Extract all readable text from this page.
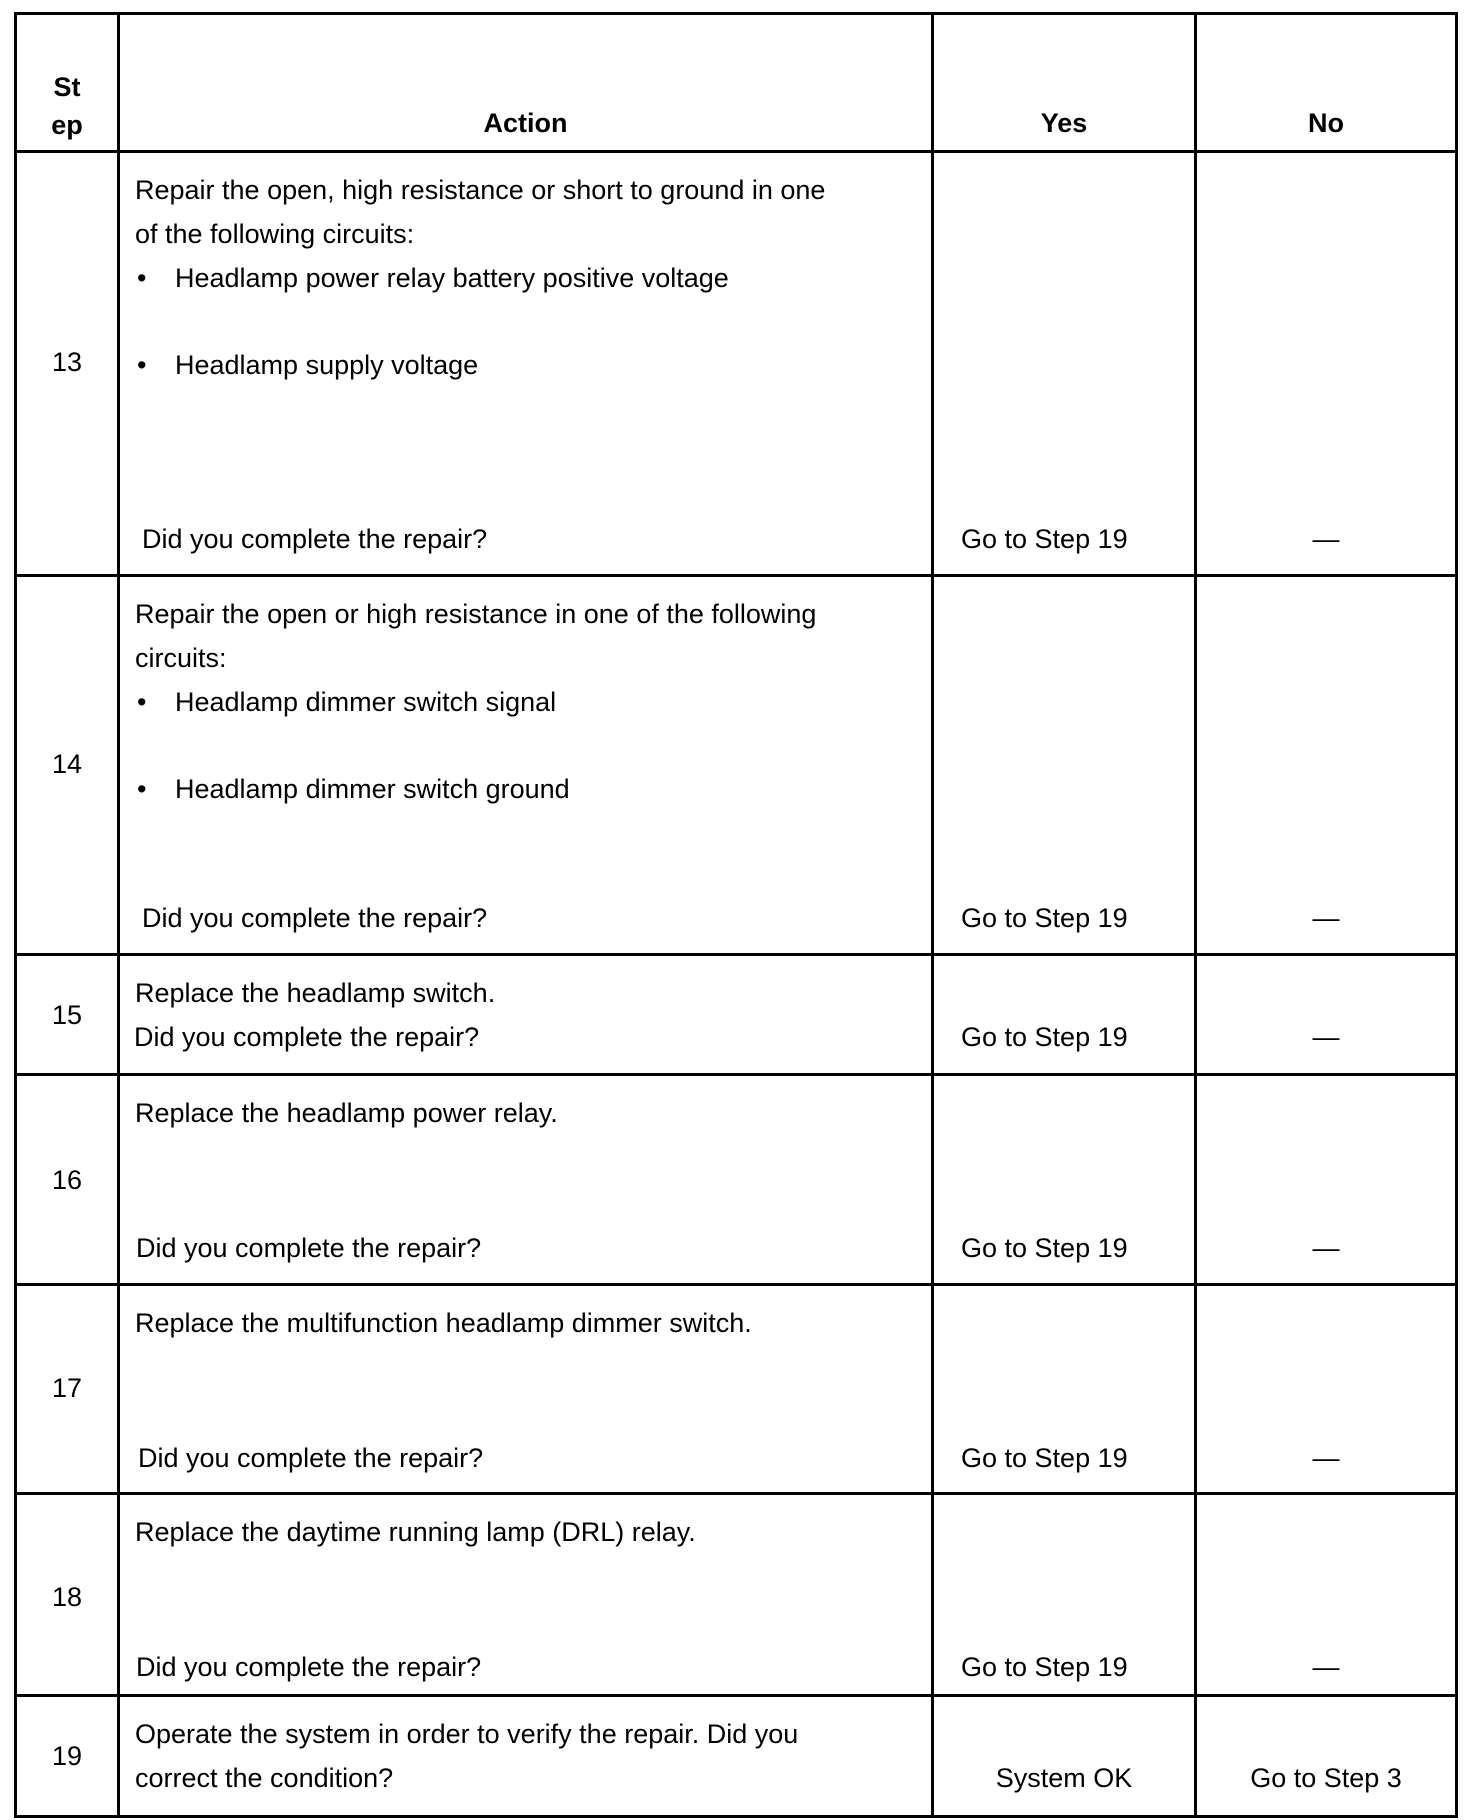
St
ep	Action	Yes	No
13
Repair the open, high resistance or short to ground in one
of the following circuits:
• Headlamp power relay battery positive voltage
• Headlamp supply voltage
Did you complete the repair?	Go to Step 19	—
14
Repair the open or high resistance in one of the following
circuits:
• Headlamp dimmer switch signal
• Headlamp dimmer switch ground
Did you complete the repair?	Go to Step 19	—
15
Replace the headlamp switch.
Did you complete the repair?	Go to Step 19	—
16
Replace the headlamp power relay.
Did you complete the repair?	Go to Step 19	—
17
Replace the multifunction headlamp dimmer switch.
Did you complete the repair?	Go to Step 19	—
18
Replace the daytime running lamp (DRL) relay.
Did you complete the repair?	Go to Step 19	—
19
Operate the system in order to verify the repair. Did you
correct the condition?	System OK	Go to Step 3
